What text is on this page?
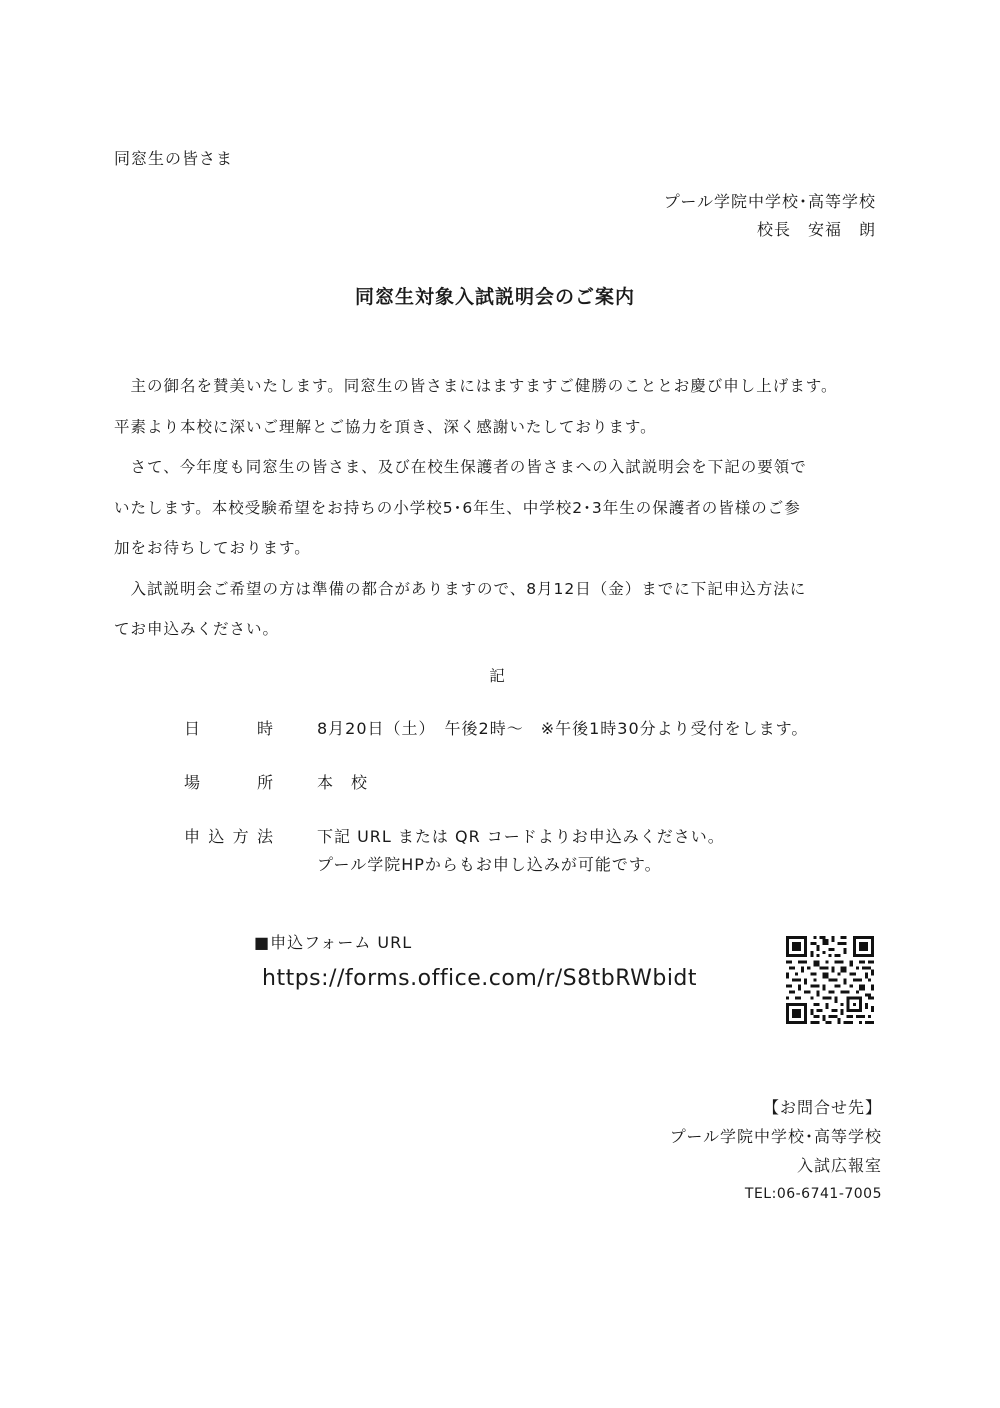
同窓生の皆さま
プール学院中学校･高等学校
校長　安福　朗
同窓生対象入試説明会のご案内

　主の御名を賛美いたします。同窓生の皆さまにはますますご健勝のこととお慶び申し上げます。

平素より本校に深いご理解とご協力を頂き、深く感謝いたしております。

　さて、今年度も同窓生の皆さま、及び在校生保護者の皆さまへの入試説明会を下記の要領で

いたします。本校受験希望をお持ちの小学校5･6年生、中学校2･3年生の保護者の皆様のご参

加をお待ちしております。

　入試説明会ご希望の方は準備の都合がありますので、8月12日（金）までに下記申込方法に

てお申込みください。

記
日時	8月20日（土）　午後2時～　※午後1時30分より受付をします。
場所	本　校
申込方法	下記 URL または QR コードよりお申込みください。
プール学院HPからもお申し込みが可能です。
■申込フォーム URL
https://forms.office.com/r/S8tbRWbidt
【お問合せ先】
プール学院中学校･高等学校
入試広報室
TEL:06-6741-7005
